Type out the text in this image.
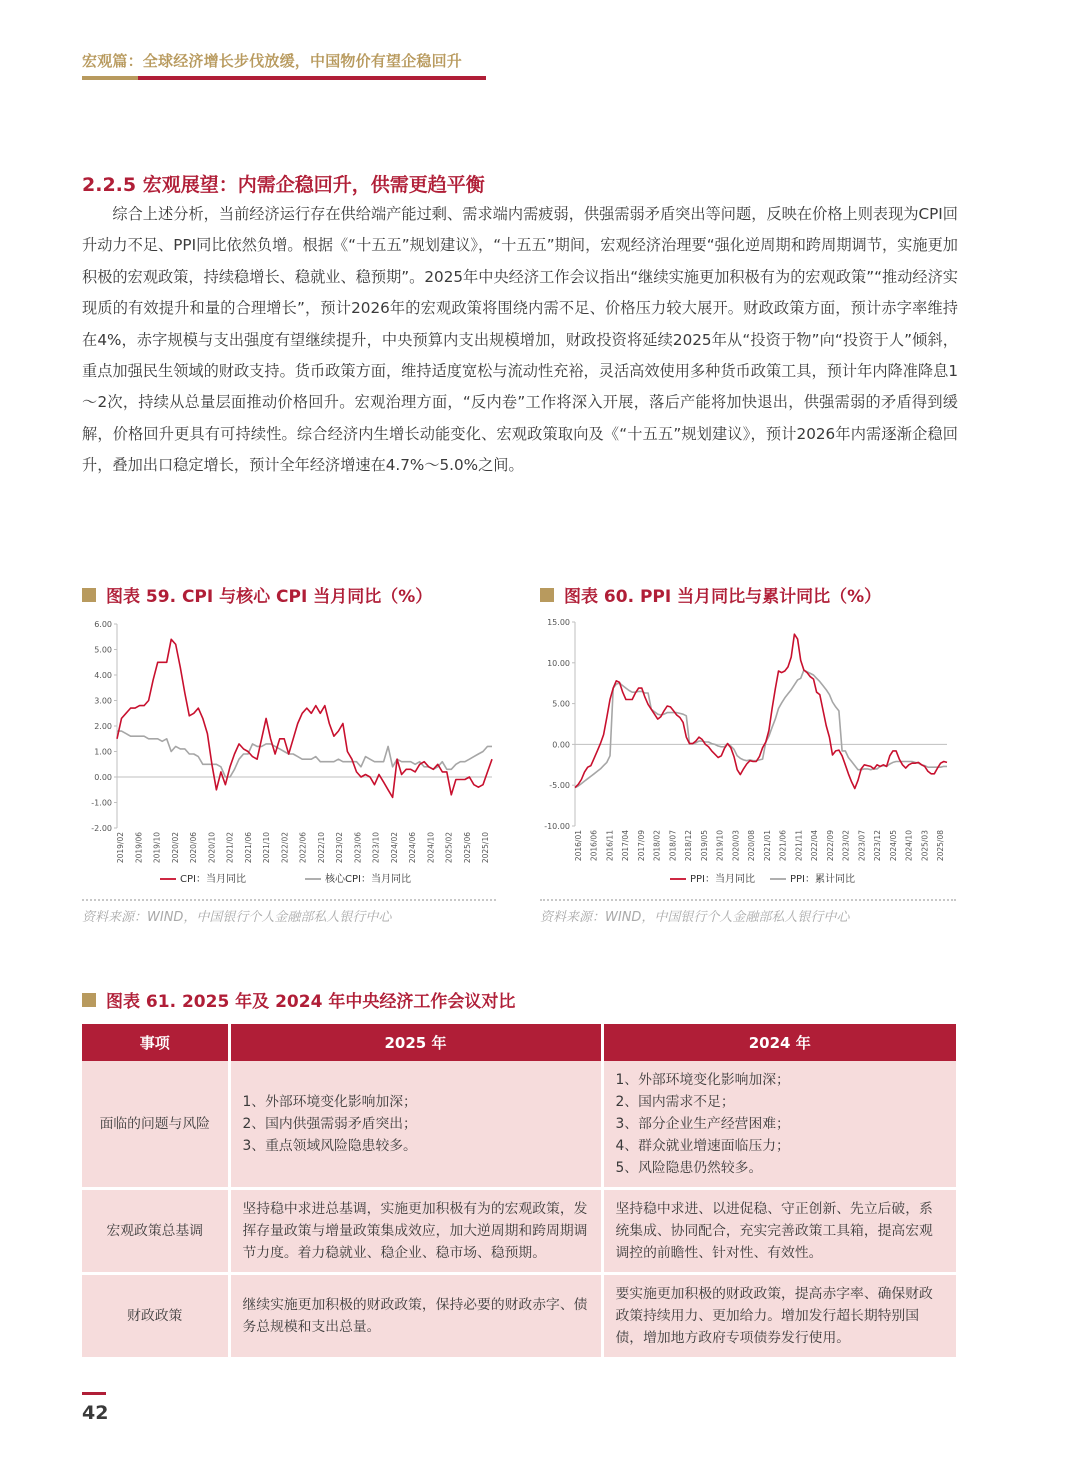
宏观篇：全球经济增长步伐放缓，中国物价有望企稳回升
2.2.5 宏观展望：内需企稳回升，供需更趋平衡

综合上述分析，当前经济运行存在供给端产能过剩、需求端内需疲弱，供强需弱矛盾突出等问题，反映在价格上则表现为CPI回升动力不足、PPI同比依然负增。根据《“十五五”规划建议》，“十五五”期间，宏观经济治理要“强化逆周期和跨周期调节，实施更加积极的宏观政策，持续稳增长、稳就业、稳预期”。2025年中央经济工作会议指出“继续实施更加积极有为的宏观政策”“推动经济实现质的有效提升和量的合理增长”，预计2026年的宏观政策将围绕内需不足、价格压力较大展开。财政政策方面，预计赤字率维持在4%，赤字规模与支出强度有望继续提升，中央预算内支出规模增加，财政投资将延续2025年从“投资于物”向“投资于人”倾斜，重点加强民生领域的财政支持。货币政策方面，维持适度宽松与流动性充裕，灵活高效使用多种货币政策工具，预计年内降准降息1～2次，持续从总量层面推动价格回升。宏观治理方面，“反内卷”工作将深入开展，落后产能将加快退出，供强需弱的矛盾得到缓解，价格回升更具有可持续性。综合经济内生增长动能变化、宏观政策取向及《“十五五”规划建议》，预计2026年内需逐渐企稳回升，叠加出口稳定增长，预计全年经济增速在4.7%～5.0%之间。

图表 59. CPI 与核心 CPI 当月同比（%）
6.00
5.00
4.00
3.00
2.00
1.00
0.00
-1.00
-2.00
2019/02 2019/06 2019/10 2020/02 2020/06 2020/10 2021/02 2021/06 2021/10 2022/02 2022/06 2022/10 2023/02 2023/06 2023/10 2024/02 2024/06 2024/10 2025/02 2025/06 2025/10
CPI：当月同比	核心CPI：当月同比
资料来源：WIND，中国银行个人金融部私人银行中心
图表 60. PPI 当月同比与累计同比（%）
15.00
10.00
5.00
0.00
-5.00
-10.00
2016/01 2016/06 2016/11 2017/04 2017/09 2018/02 2018/07 2018/12 2019/05 2019/10 2020/03 2020/08 2021/01 2021/06 2021/11 2022/04 2022/09 2023/02 2023/07 2023/12 2024/05 2024/10 2025/03 2025/08
PPI：当月同比	PPI：累计同比
资料来源：WIND，中国银行个人金融部私人银行中心
图表 61. 2025 年及 2024 年中央经济工作会议对比
事项	2025 年	2024 年
面临的问题与风险	1、外部环境变化影响加深；
2、国内供强需弱矛盾突出；
3、重点领域风险隐患较多。	1、外部环境变化影响加深；
2、国内需求不足；
3、部分企业生产经营困难；
4、群众就业增速面临压力；
5、风险隐患仍然较多。

宏观政策总基调	坚持稳中求进总基调，实施更加积极有为的宏观政策，发挥存量政策与增量政策集成效应，加大逆周期和跨周期调节力度。着力稳就业、稳企业、稳市场、稳预期。	坚持稳中求进、以进促稳、守正创新、先立后破，系统集成、协同配合，充实完善政策工具箱，提高宏观调控的前瞻性、针对性、有效性。
财政政策	继续实施更加积极的财政政策，保持必要的财政赤字、债务总规模和支出总量。	要实施更加积极的财政政策，提高赤字率、确保财政政策持续用力、更加给力。增加发行超长期特别国债，增加地方政府专项债券发行使用。
42
